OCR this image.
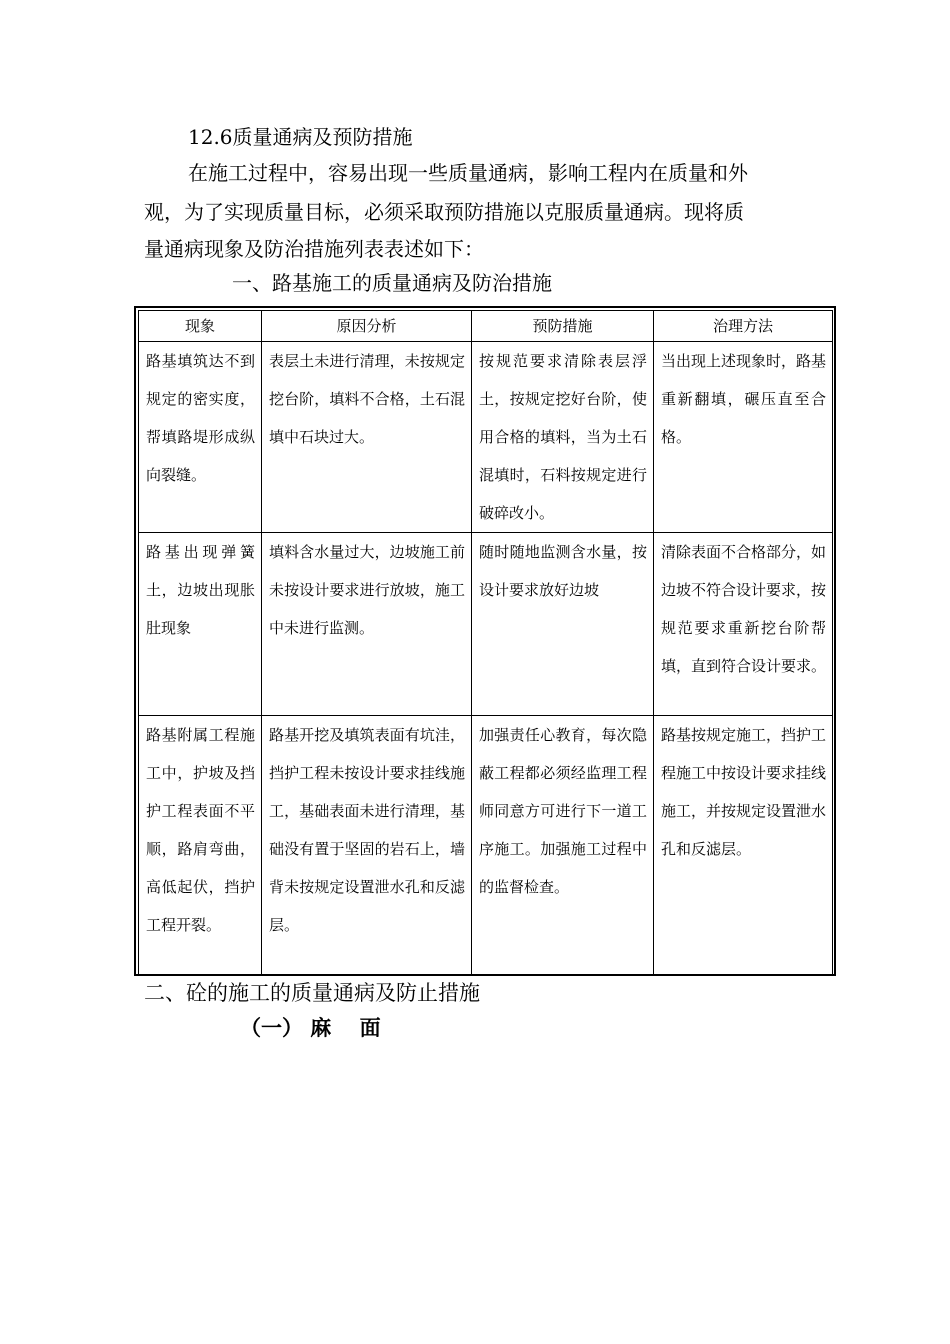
12.6质量通病及预防措施
在施工过程中，容易出现一些质量通病，影响工程内在质量和外
观，为了实现质量目标，必须采取预防措施以克服质量通病。现将质
量通病现象及防治措施列表表述如下：
一、路基施工的质量通病及防治措施
现象	原因分析	预防措施	治理方法
路基填筑达不到规定的密实度，帮填路堤形成纵向裂缝。	表层土未进行清理，未按规定挖台阶，填料不合格，土石混填中石块过大。	按规范要求清除表层浮土，按规定挖好台阶，使用合格的填料，当为土石混填时，石料按规定进行破碎改小。	当出现上述现象时，路基重新翻填，碾压直至合格。
路基出现弹簧土，边坡出现胀肚现象	填料含水量过大，边坡施工前未按设计要求进行放坡，施工中未进行监测。	随时随地监测含水量，按设计要求放好边坡	清除表面不合格部分，如边坡不符合设计要求，按规范要求重新挖台阶帮填，直到符合设计要求。
路基附属工程施工中，护坡及挡护工程表面不平顺，路肩弯曲，高低起伏，挡护工程开裂。	路基开挖及填筑表面有坑洼，挡护工程未按设计要求挂线施工，基础表面未进行清理，基础没有置于坚固的岩石上，墙背未按规定设置泄水孔和反滤层。	加强责任心教育，每次隐蔽工程都必须经监理工程师同意方可进行下一道工序施工。加强施工过程中的监督检查。	路基按规定施工，挡护工程施工中按设计要求挂线施工，并按规定设置泄水孔和反滤层。
二、砼的施工的质量通病及防止措施
（一） 麻　 面
